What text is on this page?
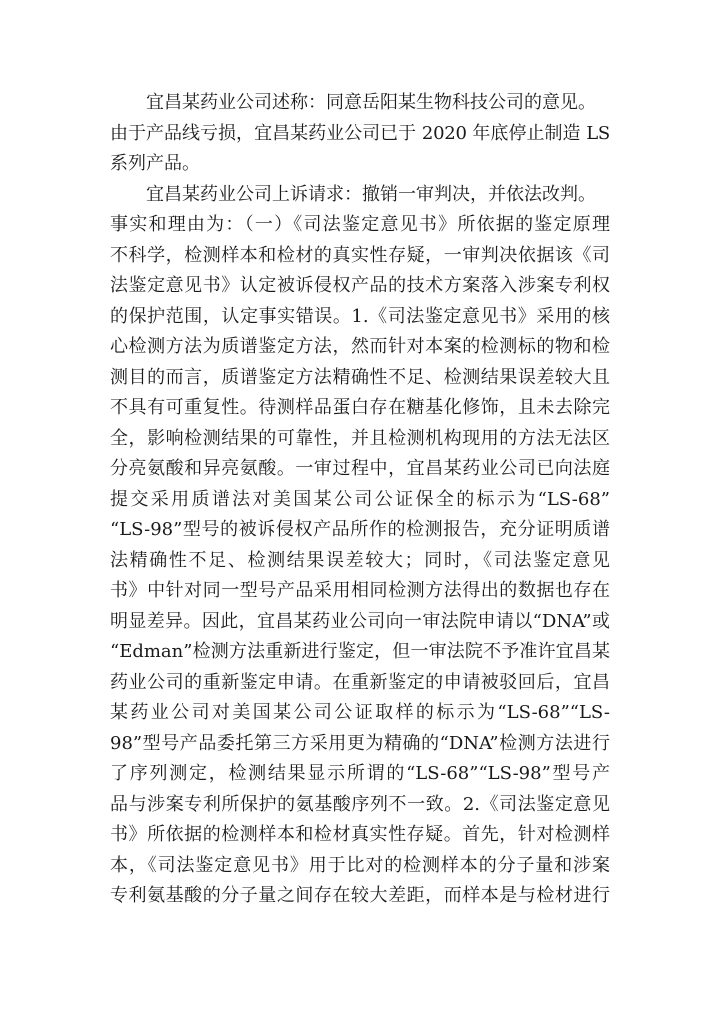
　　宜昌某药业公司述称：同意岳阳某生物科技公司的意见。
由于产品线亏损，宜昌某药业公司已于 2020 年底停止制造 LS
系列产品。
　　宜昌某药业公司上诉请求：撤销一审判决，并依法改判。
事实和理由为：（一）《司法鉴定意见书》所依据的鉴定原理
不科学，检测样本和检材的真实性存疑，一审判决依据该《司
法鉴定意见书》认定被诉侵权产品的技术方案落入涉案专利权
的保护范围，认定事实错误。1.《司法鉴定意见书》采用的核
心检测方法为质谱鉴定方法，然而针对本案的检测标的物和检
测目的而言，质谱鉴定方法精确性不足、检测结果误差较大且
不具有可重复性。待测样品蛋白存在糖基化修饰，且未去除完
全，影响检测结果的可靠性，并且检测机构现用的方法无法区
分亮氨酸和异亮氨酸。一审过程中，宜昌某药业公司已向法庭
提交采用质谱法对美国某公司公证保全的标示为“LS-68”
“LS-98”型号的被诉侵权产品所作的检测报告，充分证明质谱
法精确性不足、检测结果误差较大；同时，《司法鉴定意见
书》中针对同一型号产品采用相同检测方法得出的数据也存在
明显差异。因此，宜昌某药业公司向一审法院申请以“DNA”或
“Edman”检测方法重新进行鉴定，但一审法院不予准许宜昌某
药业公司的重新鉴定申请。在重新鉴定的申请被驳回后，宜昌
某药业公司对美国某公司公证取样的标示为“LS-68”“LS-
98”型号产品委托第三方采用更为精确的“DNA”检测方法进行
了序列测定，检测结果显示所谓的“LS-68”“LS-98”型号产
品与涉案专利所保护的氨基酸序列不一致。2.《司法鉴定意见
书》所依据的检测样本和检材真实性存疑。首先，针对检测样
本，《司法鉴定意见书》用于比对的检测样本的分子量和涉案
专利氨基酸的分子量之间存在较大差距，而样本是与检材进行
